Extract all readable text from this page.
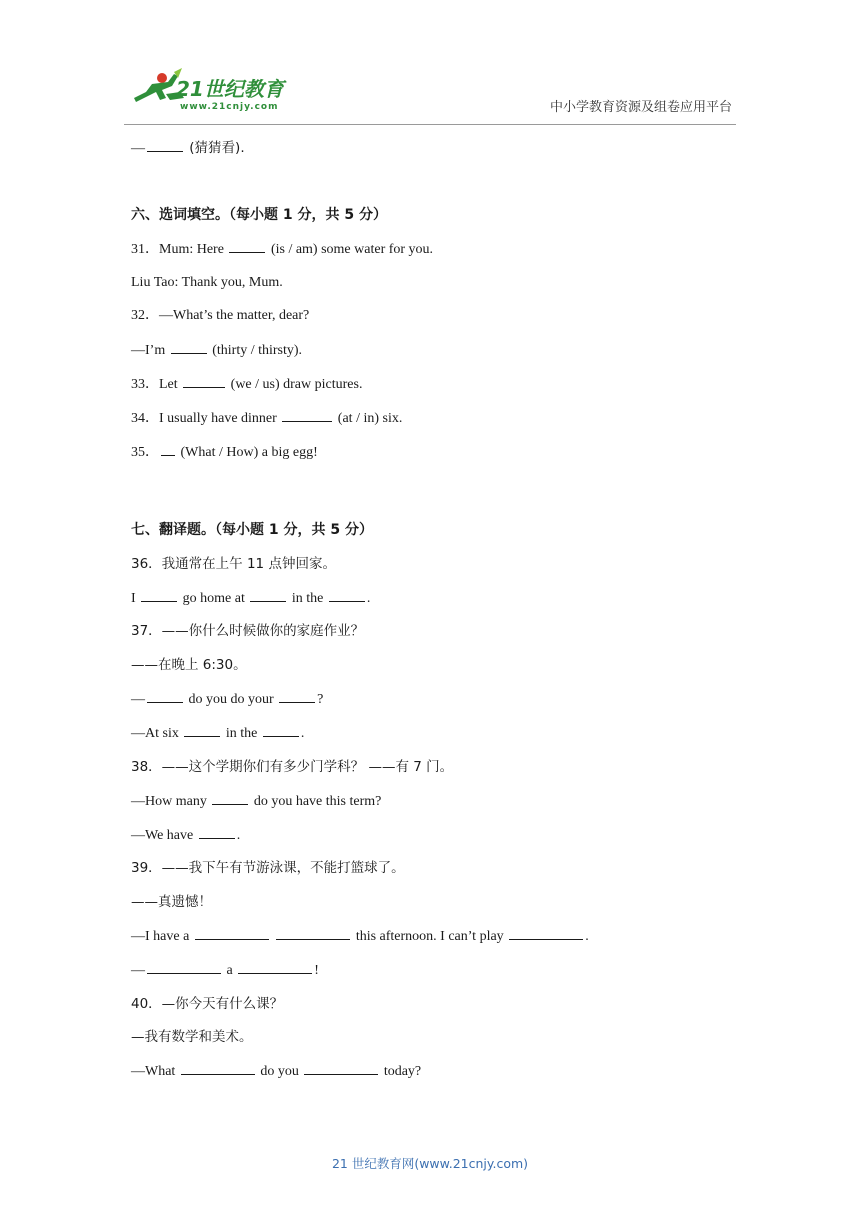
21世纪教育
www.21cnjy.com	中小学教育资源及组卷应用平台
—	(猜猜看).
六、选词填空。（每小题 1 分，共 5 分）
31．Mum: Here	(is / am) some water for you.
Liu Tao: Thank you, Mum.
32．—What’s the matter, dear?
—I’m	(thirty / thirsty).
33．Let	(we / us) draw pictures.
34．I usually have dinner	(at / in) six.
35． (What / How) a big egg!
七、翻译题。（每小题 1 分，共 5 分）
36．我通常在上午 11 点钟回家。
I	go home at	in the	.
37．——你什么时候做你的家庭作业？
——在晚上 6:30。
—	do you do your	?
—At six	in the	.
38．——这个学期你们有多少门学科？ ——有 7 门。
—How many	do you have this term?
—We have	.
39．——我下午有节游泳课，不能打篮球了。
——真遗憾！
—I have a	this afternoon. I can’t play	.
—	a	!
40．—你今天有什么课？
—我有数学和美术。
—What	do you	today?
21 世纪教育网(www.21cnjy.com)
